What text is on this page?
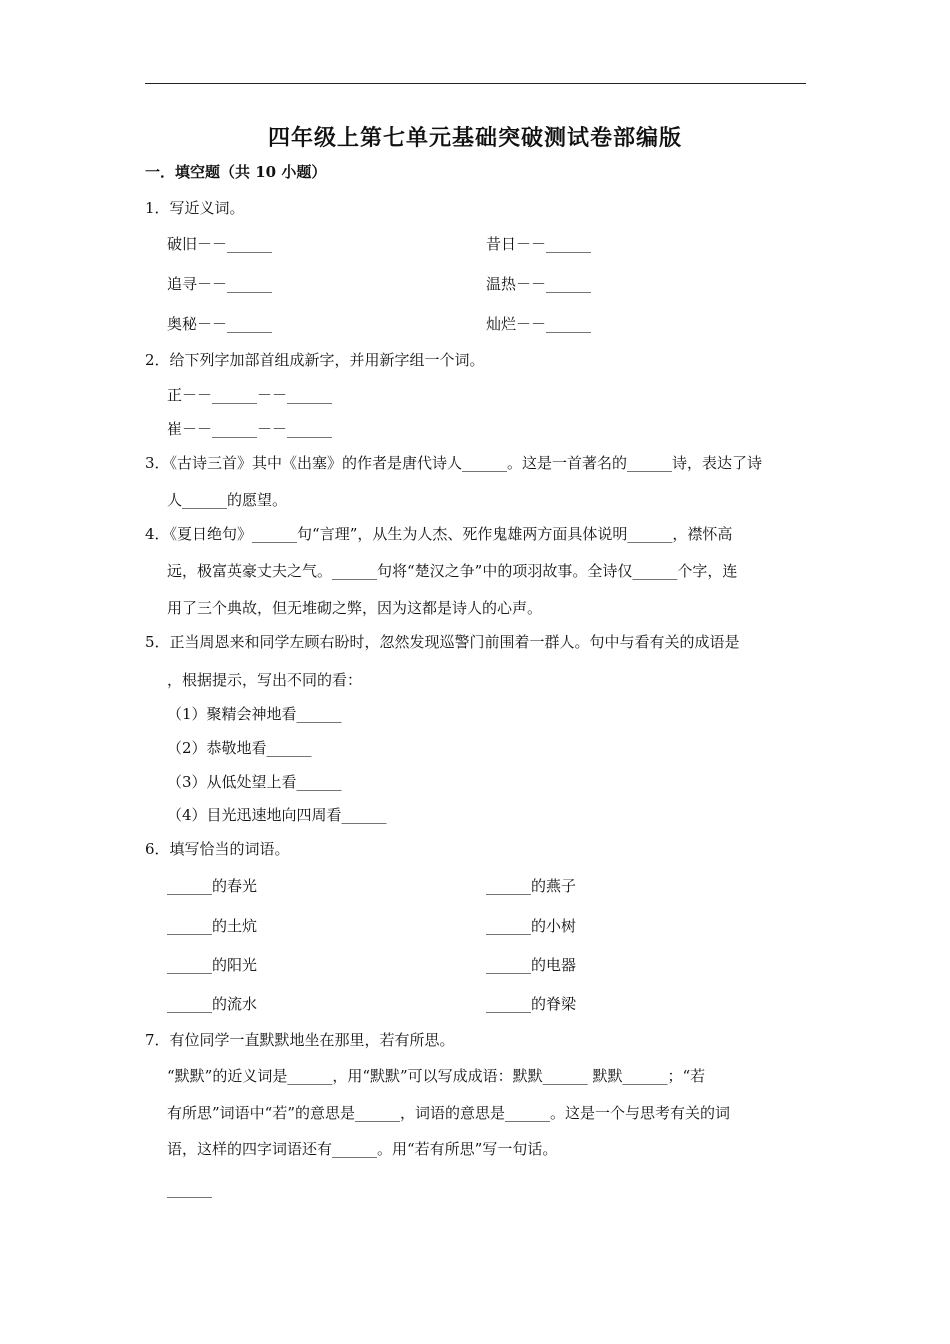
四年级上第七单元基础突破测试卷部编版
一．填空题（共 10 小题）
1．写近义词。
破旧－－______	昔日－－______
追寻－－______	温热－－______
奥秘－－______	灿烂－－______
2．给下列字加部首组成新字，并用新字组一个词。
正－－______－－______
崔－－______－－______
3．《古诗三首》其中《出塞》的作者是唐代诗人______。这是一首著名的______诗，表达了诗
人______的愿望。
4．《夏日绝句》______句“言理”，从生为人杰、死作鬼雄两方面具体说明______，襟怀高
远，极富英豪丈夫之气。______句将“楚汉之争”中的项羽故事。全诗仅______个字，连
用了三个典故，但无堆砌之弊，因为这都是诗人的心声。
5．正当周恩来和同学左顾右盼时，忽然发现巡警门前围着一群人。句中与看有关的成语是
，根据提示，写出不同的看：
（1）聚精会神地看______
（2）恭敬地看______
（3）从低处望上看______
（4）目光迅速地向四周看______
6．填写恰当的词语。
______的春光	______的燕子
______的土炕	______的小树
______的阳光	______的电器
______的流水	______的脊梁
7．有位同学一直默默地坐在那里，若有所思。
“默默”的近义词是______，用“默默”可以写成成语：默默______ 默默______；“若
有所思”词语中“若”的意思是______，词语的意思是______。这是一个与思考有关的词
语，这样的四字词语还有______。用“若有所思”写一句话。
______
